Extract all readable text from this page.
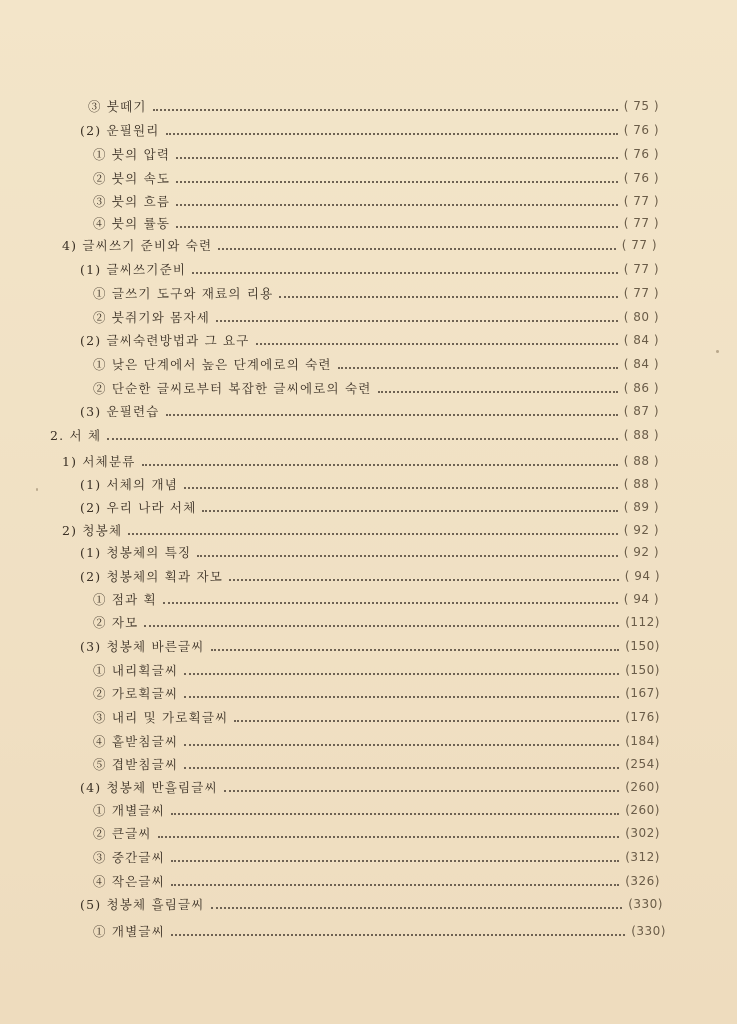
③ 붓떼기	( 75 )
(2) 운필원리	( 76 )
① 붓의 압력	( 76 )
② 붓의 속도	( 76 )
③ 붓의 흐름	( 77 )
④ 붓의 률동	( 77 )
4) 글씨쓰기 준비와 숙련	( 77 )
(1) 글씨쓰기준비	( 77 )
① 글쓰기 도구와 재료의 리용	( 77 )
② 붓쥐기와 몸자세	( 80 )
(2) 글씨숙련방법과 그 요구	( 84 )
① 낮은 단계에서 높은 단계에로의 숙련	( 84 )
② 단순한 글씨로부터 복잡한 글씨에로의 숙련	( 86 )
(3) 운필련습	( 87 )
2. 서 체	( 88 )
1) 서체분류	( 88 )
(1) 서체의 개념	( 88 )
(2) 우리 나라 서체	( 89 )
2) 청봉체	( 92 )
(1) 청봉체의 특징	( 92 )
(2) 청봉체의 획과 자모	( 94 )
① 점과 획	( 94 )
② 자모	(112)
(3) 청봉체 바른글씨	(150)
① 내리획글씨	(150)
② 가로획글씨	(167)
③ 내리 및 가로획글씨	(176)
④ 홑받침글씨	(184)
⑤ 겹받침글씨	(254)
(4) 청봉체 반흘림글씨	(260)
① 개별글씨	(260)
② 큰글씨	(302)
③ 중간글씨	(312)
④ 작은글씨	(326)
(5) 청봉체 흘림글씨	(330)
① 개별글씨	(330)
